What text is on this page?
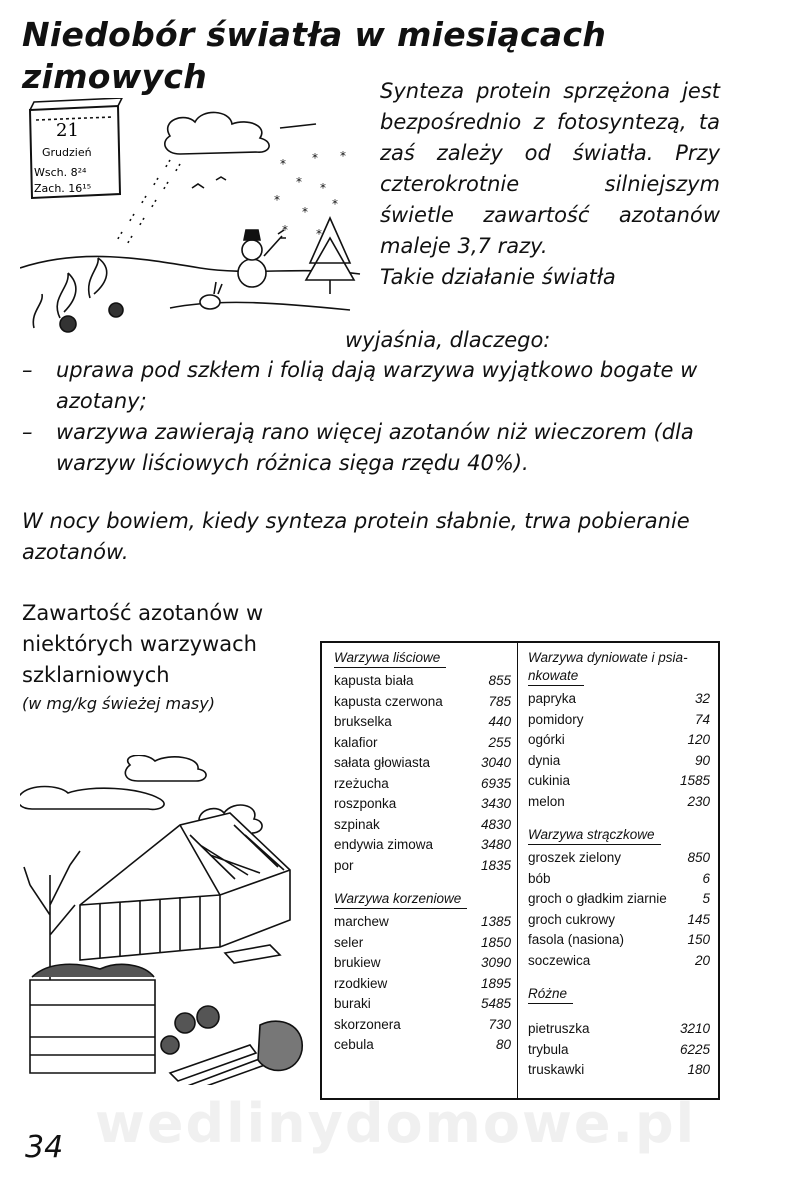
Niedobór światła w miesiącach zimowych
21
Grudzień
Wsch. 8²⁴
Zach. 16¹⁵
* * *
* *
*
*
*
* *

Synteza protein sprzężona jest bezpośrednio z fotosyntezą, ta zaś zależy od światła. Przy czterokrotnie silniejszym świetle zawartość azotanów maleje 3,7 razy.

Takie działanie światła

wyjaśnia, dlaczego:

– uprawa pod szkłem i folią dają warzywa wyjątkowo bogate w azotany;
– warzywa zawierają rano więcej azotanów niż wieczorem (dla warzyw liściowych różnica sięga rzędu 40%).

W nocy bowiem, kiedy synteza protein słabnie, trwa pobieranie azotanów.

Zawartość azotanów w niektórych warzywach szklarniowych
(w mg/kg świeżej masy)

Warzywa liściowe
kapusta biała	855
kapusta czerwona	785
brukselka	440
kalafior	255
sałata głowiasta	3040
rzeżucha	6935
roszponka	3430
szpinak	4830
endywia zimowa	3480
por	1835
Warzywa korzeniowe
marchew	1385
seler	1850
brukiew	3090
rzodkiew	1895
buraki	5485
skorzonera	730
cebula	80
Warzywa dyniowate i psia-
nkowate
papryka	32
pomidory	74
ogórki	120
dynia	90
cukinia	1585
melon	230
Warzywa strączkowe
groszek zielony	850
bób	6
groch o gładkim ziarnie	5
groch cukrowy	145
fasola (nasiona)	150
soczewica	20
Różne
pietruszka	3210
trybula	6225
truskawki	180
wedlinydomowe.pl

34
